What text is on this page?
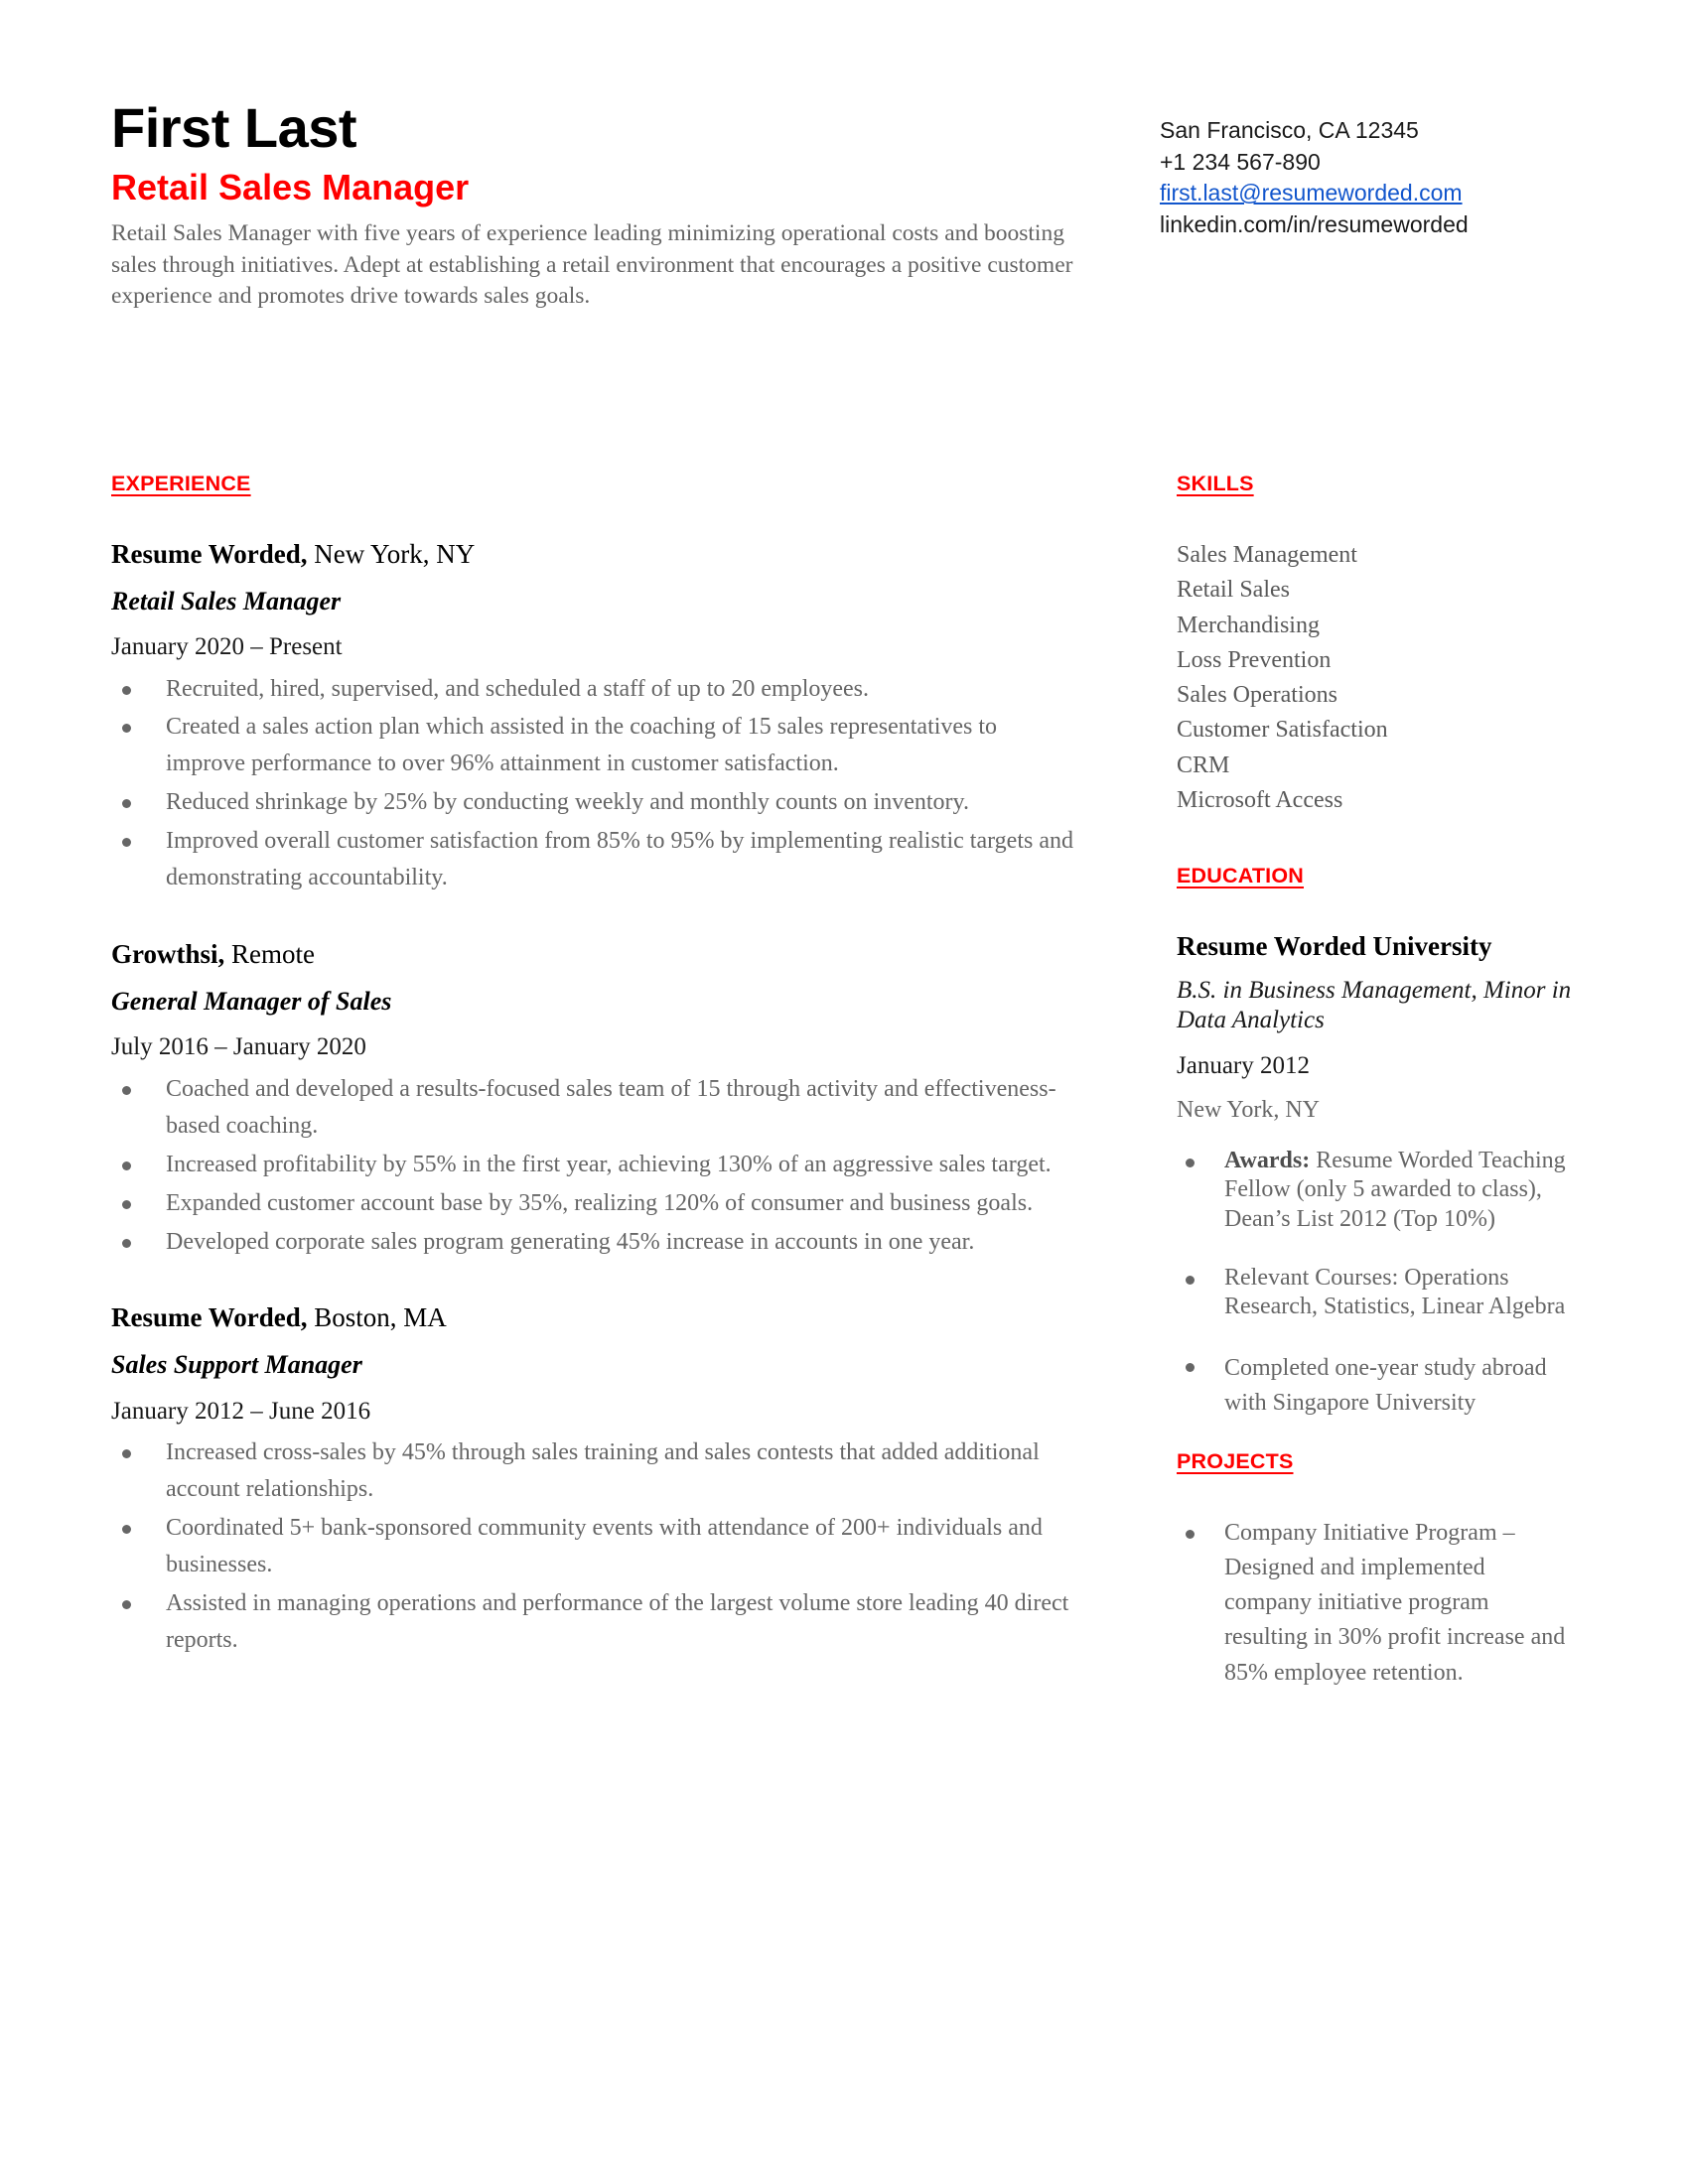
First Last
Retail Sales Manager

Retail Sales Manager with five years of experience leading minimizing operational costs and boosting sales through initiatives. Adept at establishing a retail environment that encourages a positive customer experience and promotes drive towards sales goals.

San Francisco, CA 12345
+1 234 567-890
first.last@resumeworded.com
linkedin.com/in/resumeworded
EXPERIENCE
Resume Worded, New York, NY
Retail Sales Manager
January 2020 – Present
Recruited, hired, supervised, and scheduled a staff of up to 20 employees.
Created a sales action plan which assisted in the coaching of 15 sales representatives to improve performance to over 96% attainment in customer satisfaction.
Reduced shrinkage by 25% by conducting weekly and monthly counts on inventory.
Improved overall customer satisfaction from 85% to 95% by implementing realistic targets and demonstrating accountability.
Growthsi, Remote
General Manager of Sales
July 2016 – January 2020
Coached and developed a results-focused sales team of 15 through activity and effectiveness-based coaching.
Increased profitability by 55% in the first year, achieving 130% of an aggressive sales target.
Expanded customer account base by 35%, realizing 120% of consumer and business goals.
Developed corporate sales program generating 45% increase in accounts in one year.
Resume Worded, Boston, MA
Sales Support Manager
January 2012 – June 2016
Increased cross-sales by 45% through sales training and sales contests that added additional account relationships.
Coordinated 5+ bank-sponsored community events with attendance of 200+ individuals and businesses.
Assisted in managing operations and performance of the largest volume store leading 40 direct reports.
SKILLS
Sales Management
Retail Sales
Merchandising
Loss Prevention
Sales Operations
Customer Satisfaction
CRM
Microsoft Access
EDUCATION
Resume Worded University
B.S. in Business Management, Minor in Data Analytics
January 2012
New York, NY
Awards: Resume Worded Teaching Fellow (only 5 awarded to class), Dean’s List 2012 (Top 10%)
Relevant Courses: Operations Research, Statistics, Linear Algebra
Completed one-year study abroad with Singapore University
PROJECTS
Company Initiative Program – Designed and implemented company initiative program resulting in 30% profit increase and 85% employee retention.
